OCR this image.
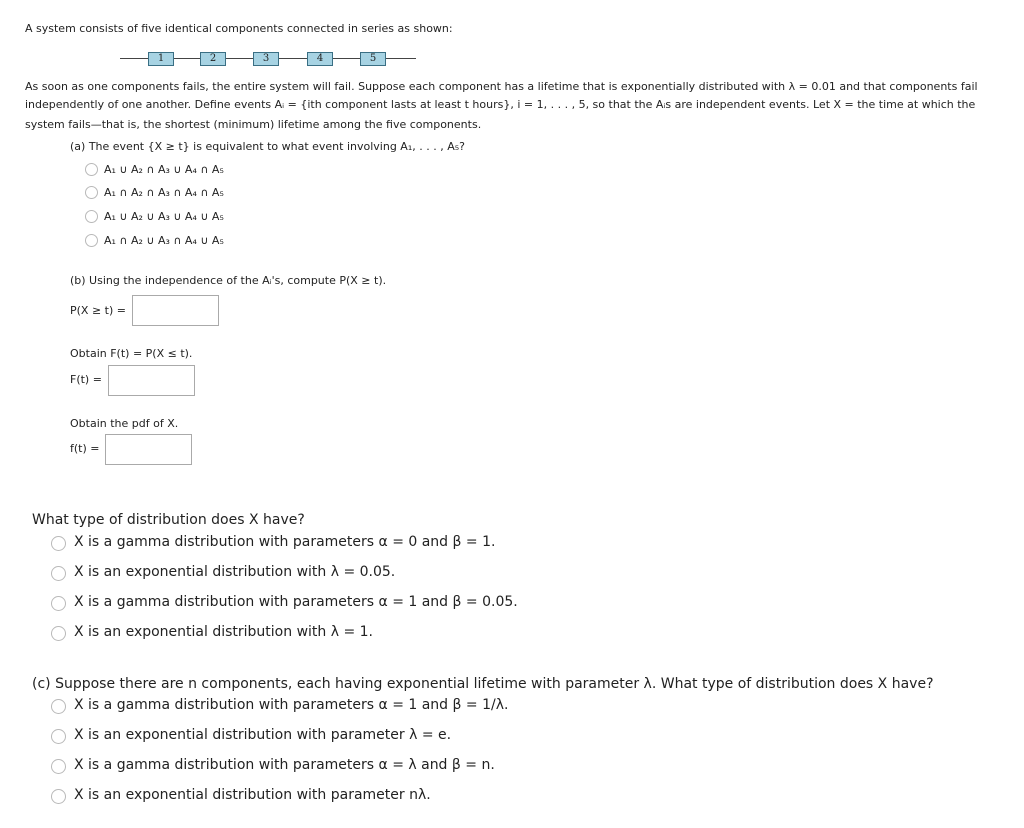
A system consists of five identical components connected in series as shown:
1	2	3	4	5
As soon as one components fails, the entire system will fail. Suppose each component has a lifetime that is exponentially distributed with λ = 0.01 and that components fail
independently of one another. Define events Aᵢ = {ith component lasts at least t hours}, i = 1, . . . , 5, so that the Aᵢs are independent events. Let X = the time at which the
system fails—that is, the shortest (minimum) lifetime among the five components.
(a) The event {X ≥ t} is equivalent to what event involving A₁, . . . , A₅?
A₁ ∪ A₂ ∩ A₃ ∪ A₄ ∩ A₅
A₁ ∩ A₂ ∩ A₃ ∩ A₄ ∩ A₅
A₁ ∪ A₂ ∪ A₃ ∪ A₄ ∪ A₅
A₁ ∩ A₂ ∪ A₃ ∩ A₄ ∪ A₅
(b) Using the independence of the Aᵢ's, compute P(X ≥ t).
P(X ≥ t) =
Obtain F(t) = P(X ≤ t).
F(t) =
Obtain the pdf of X.
f(t) =
What type of distribution does X have?
X is a gamma distribution with parameters α = 0 and β = 1.
X is an exponential distribution with λ = 0.05.
X is a gamma distribution with parameters α = 1 and β = 0.05.
X is an exponential distribution with λ = 1.
(c) Suppose there are n components, each having exponential lifetime with parameter λ. What type of distribution does X have?
X is a gamma distribution with parameters α = 1 and β = 1/λ.
X is an exponential distribution with parameter λ = e.
X is a gamma distribution with parameters α = λ and β = n.
X is an exponential distribution with parameter nλ.
